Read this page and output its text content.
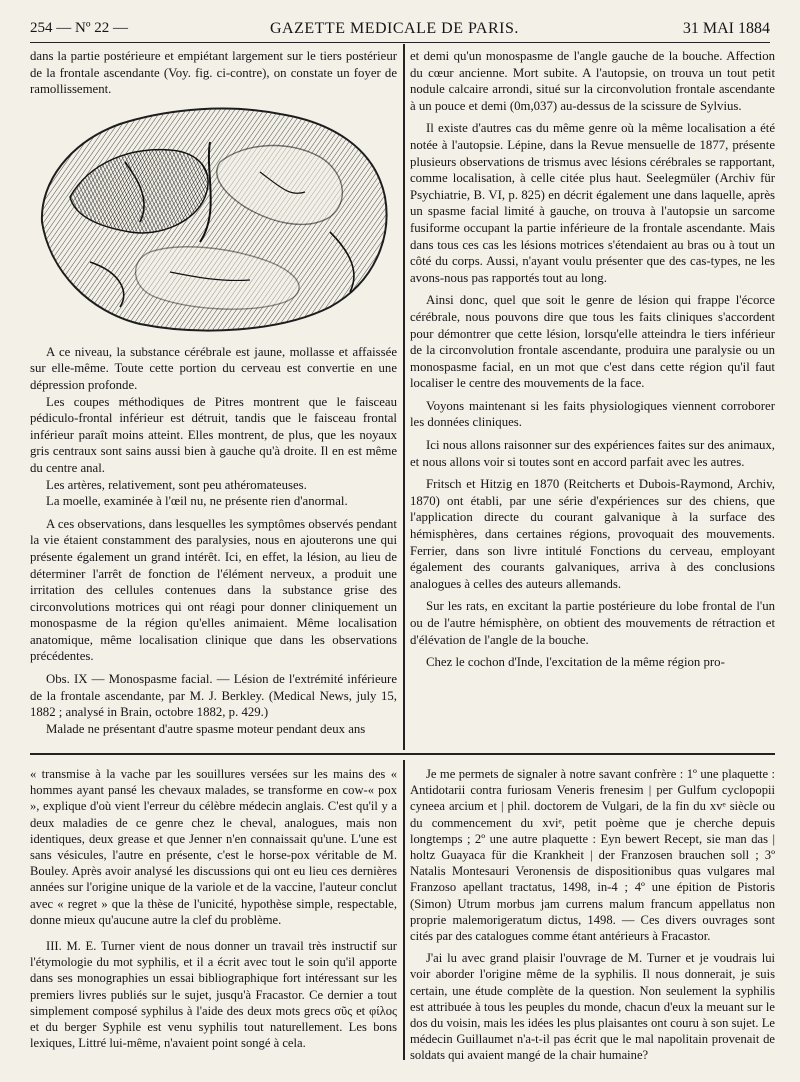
254 — Nº 22 —	GAZETTE MEDICALE DE PARIS.	31 MAI 1884

dans la partie postérieure et empiétant largement sur le tiers postérieur de la frontale ascendante (Voy. fig. ci-contre), on constate un foyer de ramollissement.

A ce niveau, la substance cérébrale est jaune, mollasse et affaissée sur elle-même. Toute cette portion du cerveau est convertie en une dépression profonde.

Les coupes méthodiques de Pitres montrent que le faisceau pédiculo-frontal inférieur est détruit, tandis que le faisceau frontal inférieur paraît moins atteint. Elles montrent, de plus, que les noyaux gris centraux sont sains aussi bien à gauche qu'à droite. Il en est même du centre anal.

Les artères, relativement, sont peu athéromateuses.

La moelle, examinée à l'œil nu, ne présente rien d'anormal.

A ces observations, dans lesquelles les symptômes observés pendant la vie étaient constamment des paralysies, nous en ajouterons une qui présente également un grand intérêt. Ici, en effet, la lésion, au lieu de déterminer l'arrêt de fonction de l'élément nerveux, a produit une irritation des cellules contenues dans la substance grise des circonvolutions motrices qui ont réagi pour donner cliniquement un monospasme de la région qu'elles animaient. Même localisation anatomique, même localisation clinique que dans les observations précédentes.

Obs. IX — Monospasme facial. — Lésion de l'extrémité inférieure de la frontale ascendante, par M. J. Berkley. (Medical News, july 15, 1882 ; analysé in Brain, octobre 1882, p. 429.)

Malade ne présentant d'autre spasme moteur pendant deux ans

et demi qu'un monospasme de l'angle gauche de la bouche. Affection du cœur ancienne. Mort subite. A l'autopsie, on trouva un tout petit nodule calcaire arrondi, situé sur la circonvolution frontale ascendante à un pouce et demi (0m,037) au-dessus de la scissure de Sylvius.

Il existe d'autres cas du même genre où la même localisation a été notée à l'autopsie. Lépine, dans la Revue mensuelle de 1877, présente plusieurs observations de trismus avec lésions cérébrales se rapportant, comme localisation, à celle citée plus haut. Seelegmüler (Archiv für Psychiatrie, B. VI, p. 825) en décrit également une dans laquelle, après un spasme facial limité à gauche, on trouva à l'autopsie un sarcome fusiforme occupant la partie inférieure de la frontale ascendante. Mais dans tous ces cas les lésions motrices s'étendaient au bras ou à tout un côté du corps. Aussi, n'ayant voulu présenter que des cas-types, ne les avons-nous pas rapportés tout au long.

Ainsi donc, quel que soit le genre de lésion qui frappe l'écorce cérébrale, nous pouvons dire que tous les faits cliniques s'accordent pour démontrer que cette lésion, lorsqu'elle atteindra le tiers inférieur de la circonvolution frontale ascendante, produira une paralysie ou un monospasme facial, en un mot que c'est dans cette région qu'il faut localiser le centre des mouvements de la face.

Voyons maintenant si les faits physiologiques viennent corroborer les données cliniques.

Ici nous allons raisonner sur des expériences faites sur des animaux, et nous allons voir si toutes sont en accord parfait avec les autres.

Fritsch et Hitzig en 1870 (Reitcherts et Dubois-Raymond, Archiv, 1870) ont établi, par une série d'expériences sur des chiens, que l'application directe du courant galvanique à la surface des hémisphères, dans certaines régions, provoquait des mouvements. Ferrier, dans son livre intitulé Fonctions du cerveau, employant également des courants galvaniques, arriva à des conclusions analogues à celles des auteurs allemands.

Sur les rats, en excitant la partie postérieure du lobe frontal de l'un ou de l'autre hémisphère, on obtient des mouvements de rétraction et d'élévation de l'angle de la bouche.

Chez le cochon d'Inde, l'excitation de la même région pro-

« transmise à la vache par les souillures versées sur les mains des « hommes ayant pansé les chevaux malades, se transforme en cow-« pox », explique d'où vient l'erreur du célèbre médecin anglais. C'est qu'il y a deux maladies de ce genre chez le cheval, analogues, mais non identiques, deux grease et que Jenner n'en connaissait qu'une. L'une est sans vésicules, l'autre en présente, c'est le horse-pox véritable de M. Bouley. Après avoir analysé les discussions qui ont eu lieu ces dernières années sur l'origine unique de la variole et de la vaccine, l'auteur conclut avec « regret » que la thèse de l'unicité, hypothèse simple, respectable, donne mieux qu'aucune autre la clef du problème.

III. M. E. Turner vient de nous donner un travail très instructif sur l'étymologie du mot syphilis, et il a écrit avec tout le soin qu'il apporte dans ses monographies un essai bibliographique fort intéressant sur les premiers livres publiés sur le sujet, jusqu'à Fracastor. Ce dernier a tout simplement composé syphilus à l'aide des deux mots grecs σῦς et φίλος et du berger Syphile est venu syphilis tout naturellement. Les bons lexiques, Littré lui-même, n'avaient point songé à cela.

Je me permets de signaler à notre savant confrère : 1º une plaquette : Antidotarii contra furiosam Veneris frenesim | per Gulfum cyclopopii cyneea arcium et | phil. doctorem de Vulgari, de la fin du xvᵉ siècle ou du commencement du xviᵉ, petit poème que je cherche depuis longtemps ; 2º une autre plaquette : Eyn bewert Recept, sie man das | holtz Guayaca für die Krankheit | der Franzosen brauchen soll ; 3º Natalis Montesauri Veronensis de dispositionibus quas vulgares mal Franzoso apellant tractatus, 1498, in-4 ; 4º une épition de Pistoris (Simon) Utrum morbus jam currens malum francum appellatus non proprie malemorigeratum dictus, 1498. — Ces divers ouvrages sont cités par des catalogues comme étant antérieurs à Fracastor.

J'ai lu avec grand plaisir l'ouvrage de M. Turner et je voudrais lui voir aborder l'origine même de la syphilis. Il nous donnerait, je suis certain, une étude complète de la question. Non seulement la syphilis est attribuée à tous les peuples du monde, chacun d'eux la meuant sur le dos du voisin, mais les idées les plus plaisantes ont couru à son sujet. Le médecin Guillaumet n'a-t-il pas écrit que le mal napolitain provenait de soldats qui avaient mangé de la chair humaine?
